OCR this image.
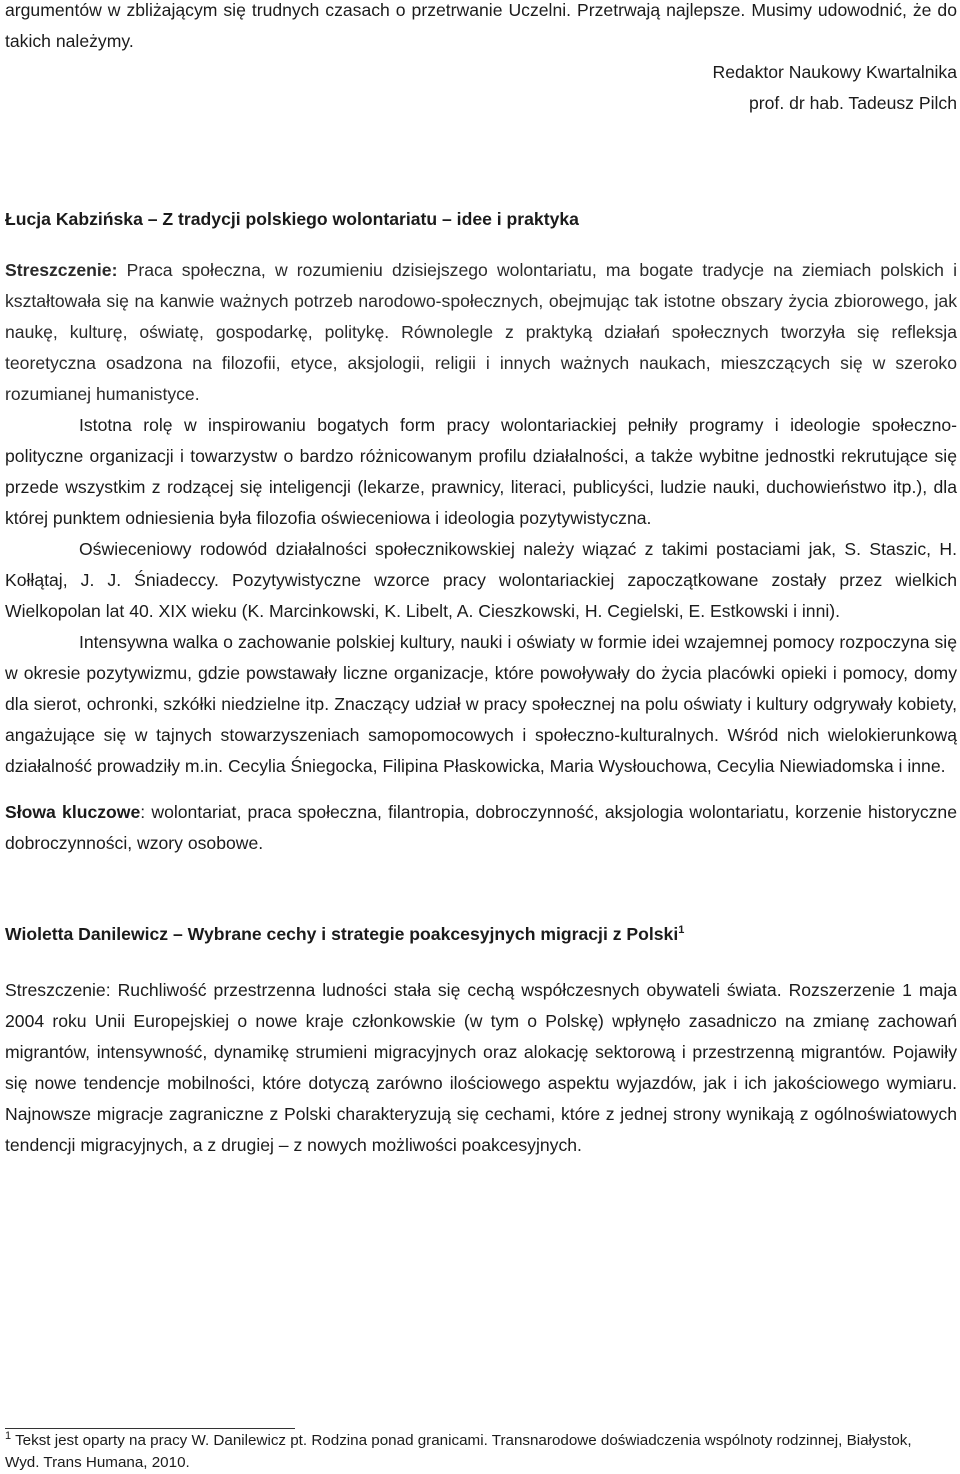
argumentów w zbliżającym się trudnych czasach o przetrwanie Uczelni. Przetrwają najlepsze. Musimy udowodnić, że do takich należymy.

Redaktor Naukowy Kwartalnika

prof. dr hab. Tadeusz Pilch

Łucja Kabzińska – Z tradycji polskiego wolontariatu – idee i praktyka

Streszczenie: Praca społeczna, w rozumieniu dzisiejszego wolontariatu, ma bogate tradycje na ziemiach polskich i kształtowała się na kanwie ważnych potrzeb narodowo-społecznych, obejmując tak istotne obszary życia zbiorowego, jak naukę, kulturę, oświatę, gospodarkę, politykę. Równolegle z praktyką działań społecznych tworzyła się refleksja teoretyczna osadzona na filozofii, etyce, aksjologii, religii i innych ważnych naukach, mieszczących się w szeroko rozumianej humanistyce.

Istotna rolę w inspirowaniu bogatych form pracy wolontariackiej pełniły programy i ideologie społeczno-polityczne organizacji i towarzystw o bardzo różnicowanym profilu działalności, a także wybitne jednostki rekrutujące się przede wszystkim z rodzącej się inteligencji (lekarze, prawnicy, literaci, publicyści, ludzie nauki, duchowieństwo itp.), dla której punktem odniesienia była filozofia oświeceniowa i ideologia pozytywistyczna.

Oświeceniowy rodowód działalności społecznikowskiej należy wiązać z takimi postaciami jak, S. Staszic, H. Kołłątaj, J. J. Śniadeccy. Pozytywistyczne wzorce pracy wolontariackiej zapoczątkowane zostały przez wielkich Wielkopolan lat 40. XIX wieku (K. Marcinkowski, K. Libelt, A. Cieszkowski, H. Cegielski, E. Estkowski i inni).

Intensywna walka o zachowanie polskiej kultury, nauki i oświaty w formie idei wzajemnej pomocy rozpoczyna się w okresie pozytywizmu, gdzie powstawały liczne organizacje, które powoływały do życia placówki opieki i pomocy, domy dla sierot, ochronki, szkółki niedzielne itp. Znaczący udział w pracy społecznej na polu oświaty i kultury odgrywały kobiety, angażujące się w tajnych stowarzyszeniach samopomocowych i społeczno-kulturalnych. Wśród nich wielokierunkową działalność prowadziły m.in. Cecylia Śniegocka, Filipina Płaskowicka, Maria Wysłouchowa, Cecylia Niewiadomska i inne.

Słowa kluczowe: wolontariat, praca społeczna, filantropia, dobroczynność, aksjologia wolontariatu, korzenie historyczne dobroczynności, wzory osobowe.

Wioletta Danilewicz – Wybrane cechy i strategie poakcesyjnych migracji z Polski$^1$

Streszczenie: Ruchliwość przestrzenna ludności stała się cechą współczesnych obywateli świata. Rozszerzenie 1 maja 2004 roku Unii Europejskiej o nowe kraje członkowskie (w tym o Polskę) wpłynęło zasadniczo na zmianę zachowań migrantów, intensywność, dynamikę strumieni migracyjnych oraz alokację sektorową i przestrzenną migrantów. Pojawiły się nowe tendencje mobilności, które dotyczą zarówno ilościowego aspektu wyjazdów, jak i ich jakościowego wymiaru. Najnowsze migracje zagraniczne z Polski charakteryzują się cechami, które z jednej strony wynikają z ogólnoświatowych tendencji migracyjnych, a z drugiej – z nowych możliwości poakcesyjnych.

$^1$ Tekst jest oparty na pracy W. Danilewicz pt. Rodzina ponad granicami. Transnarodowe doświadczenia wspólnoty rodzinnej, Białystok, Wyd. Trans Humana, 2010.
